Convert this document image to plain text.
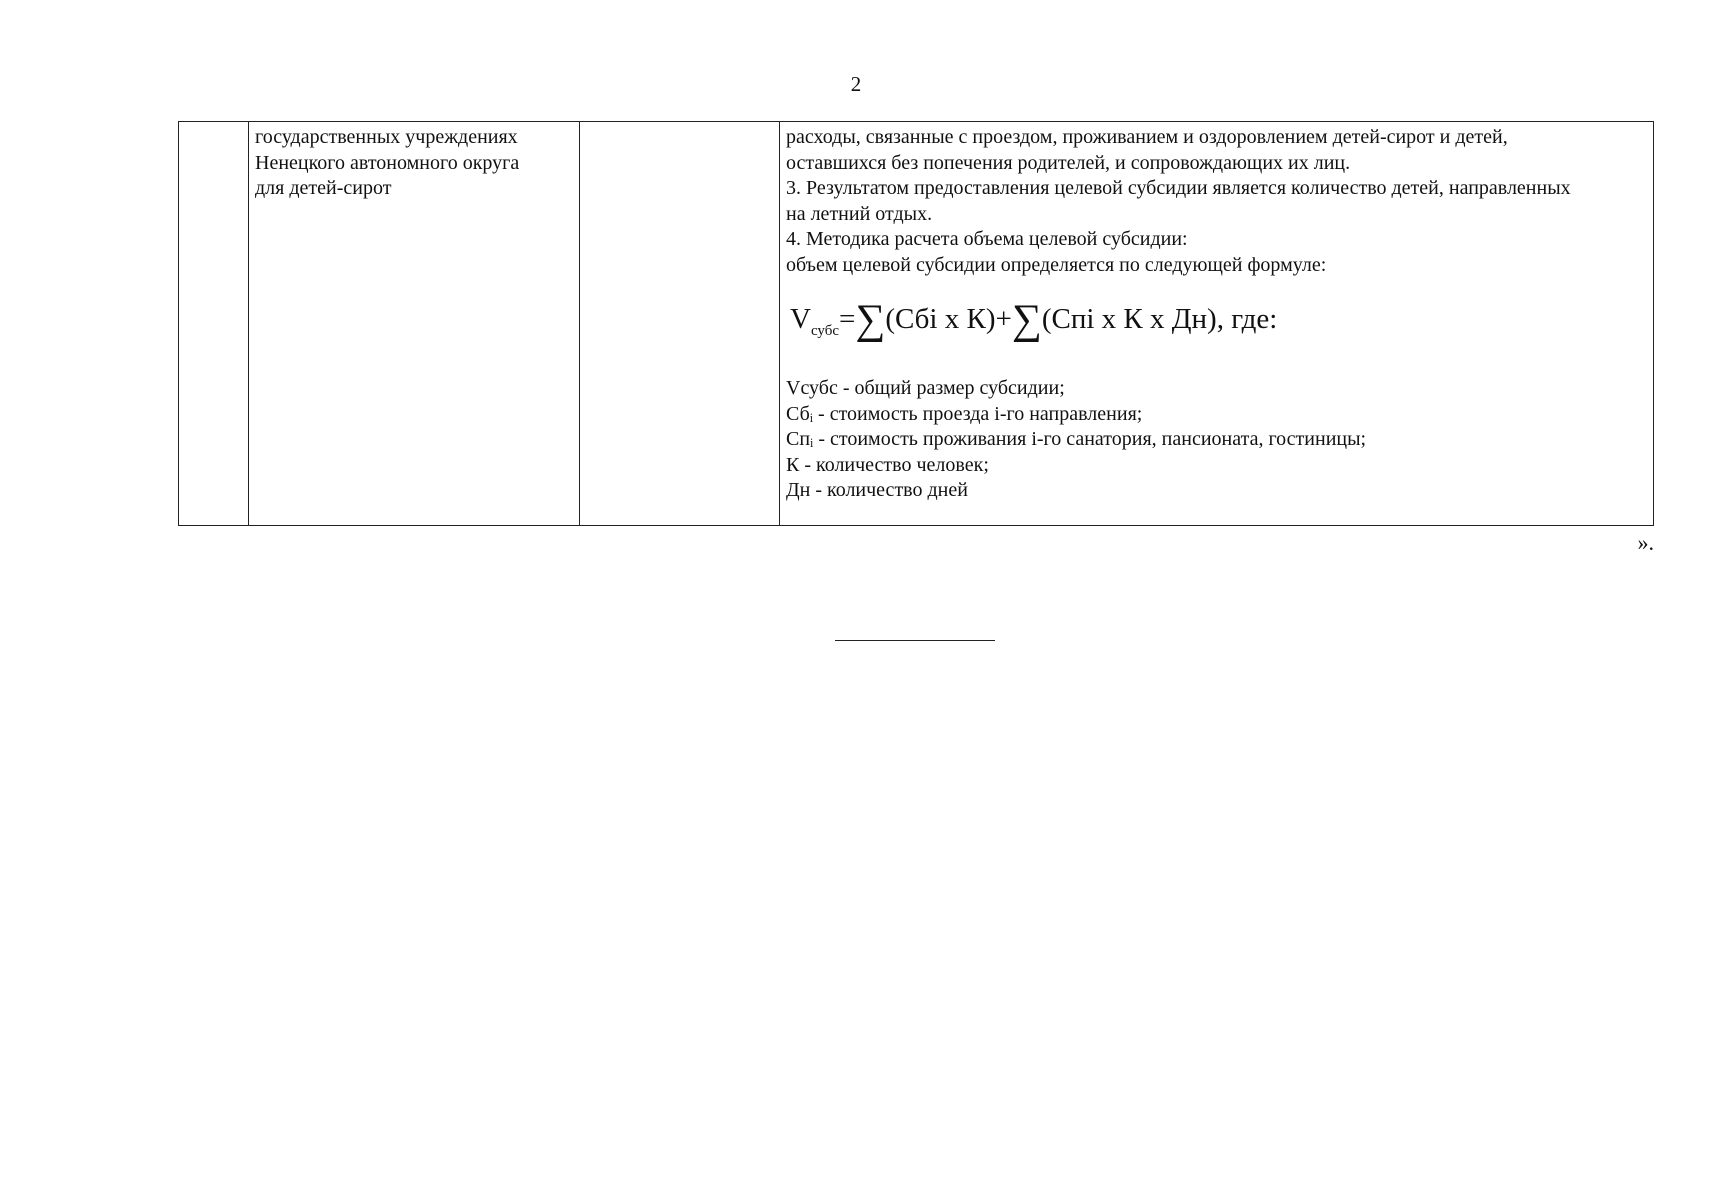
2

государственных учреждениях
Ненецкого автономного округа
для детей-сирот

расходы, связанные с проездом, проживанием и оздоровлением детей-сирот и детей,
оставшихся без попечения родителей, и сопровождающих их лиц.
3. Результатом предоставления целевой субсидии является количество детей, направленных
на летний отдых.
4. Методика расчета объема целевой субсидии:
объем целевой субсидии определяется по следующей формуле:
$V_{субс}=\sum(Сбi$ x К)+∑(Спi x К x Дн), где:
Vсубс - общий размер субсидии;
Сбᵢ - стоимость проезда i-го направления;
Спᵢ - стоимость проживания i-го санатория, пансионата, гостиницы;
К - количество человек;
Дн - количество дней
».
